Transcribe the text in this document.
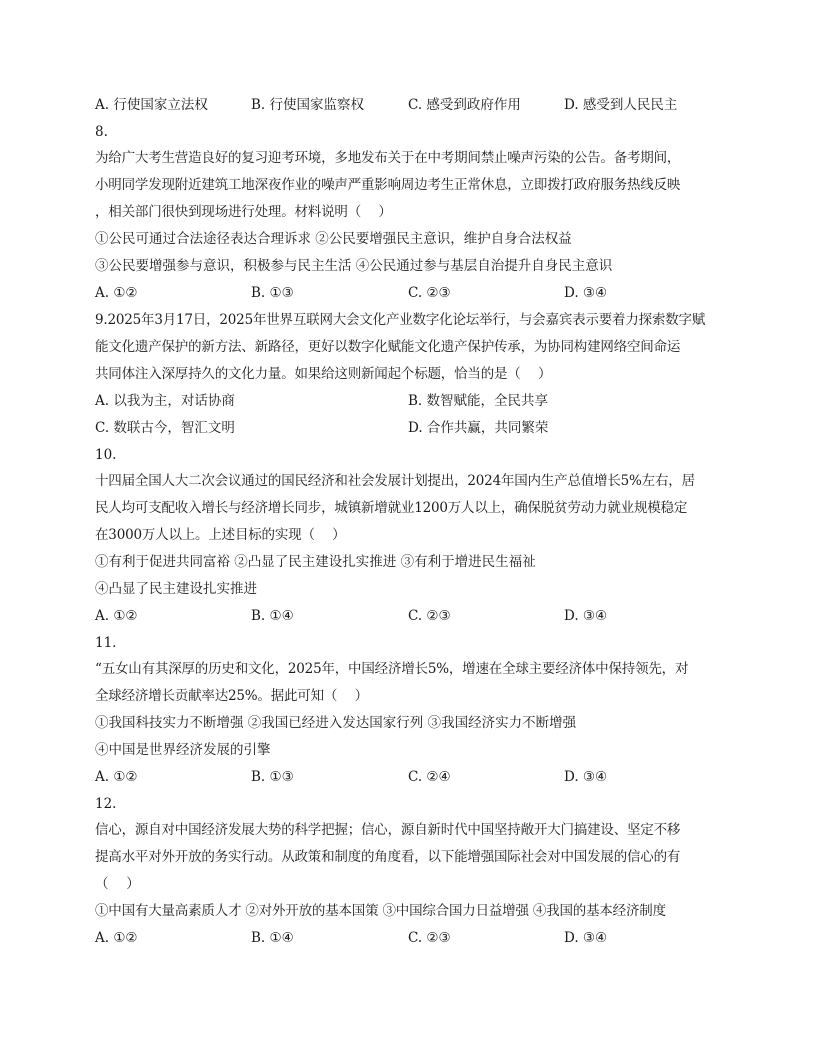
A. 行使国家立法权	B. 行使国家监察权	C. 感受到政府作用	D. 感受到人民民主
8.
为给广大考生营造良好的复习迎考环境，多地发布关于在中考期间禁止噪声污染的公告。备考期间，
小明同学发现附近建筑工地深夜作业的噪声严重影响周边考生正常休息，立即拨打政府服务热线反映
，相关部门很快到现场进行处理。材料说明（　 ）
①公民可通过合法途径表达合理诉求 ②公民要增强民主意识，维护自身合法权益
③公民要增强参与意识，积极参与民主生活 ④公民通过参与基层自治提升自身民主意识
A. ①②	B. ①③	C. ②③	D. ③④
9.2025年3月17日，2025年世界互联网大会文化产业数字化论坛举行，与会嘉宾表示要着力探索数字赋
能文化遗产保护的新方法、新路径，更好以数字化赋能文化遗产保护传承，为协同构建网络空间命运
共同体注入深厚持久的文化力量。如果给这则新闻起个标题，恰当的是（　 ）
A. 以我为主，对话协商	B. 数智赋能，全民共享
C. 数联古今，智汇文明	D. 合作共赢，共同繁荣
10.
十四届全国人大二次会议通过的国民经济和社会发展计划提出，2024年国内生产总值增长5%左右，居
民人均可支配收入增长与经济增长同步，城镇新增就业1200万人以上，确保脱贫劳动力就业规模稳定
在3000万人以上。上述目标的实现（　 ）
①有利于促进共同富裕 ②凸显了民主建设扎实推进 ③有利于增进民生福祉
④凸显了民主建设扎实推进
A. ①②	B. ①④	C. ②③	D. ③④
11.
“五女山有其深厚的历史和文化，2025年，中国经济增长5%，增速在全球主要经济体中保持领先，对
全球经济增长贡献率达25%。据此可知（　 ）
①我国科技实力不断增强 ②我国已经进入发达国家行列 ③我国经济实力不断增强
④中国是世界经济发展的引擎
A. ①②	B. ①③	C. ②④	D. ③④
12.
信心，源自对中国经济发展大势的科学把握；信心，源自新时代中国坚持敞开大门搞建设、坚定不移
提高水平对外开放的务实行动。从政策和制度的角度看，以下能增强国际社会对中国发展的信心的有
（　 ）
①中国有大量高素质人才 ②对外开放的基本国策 ③中国综合国力日益增强 ④我国的基本经济制度
A. ①②	B. ①④	C. ②③	D. ③④
